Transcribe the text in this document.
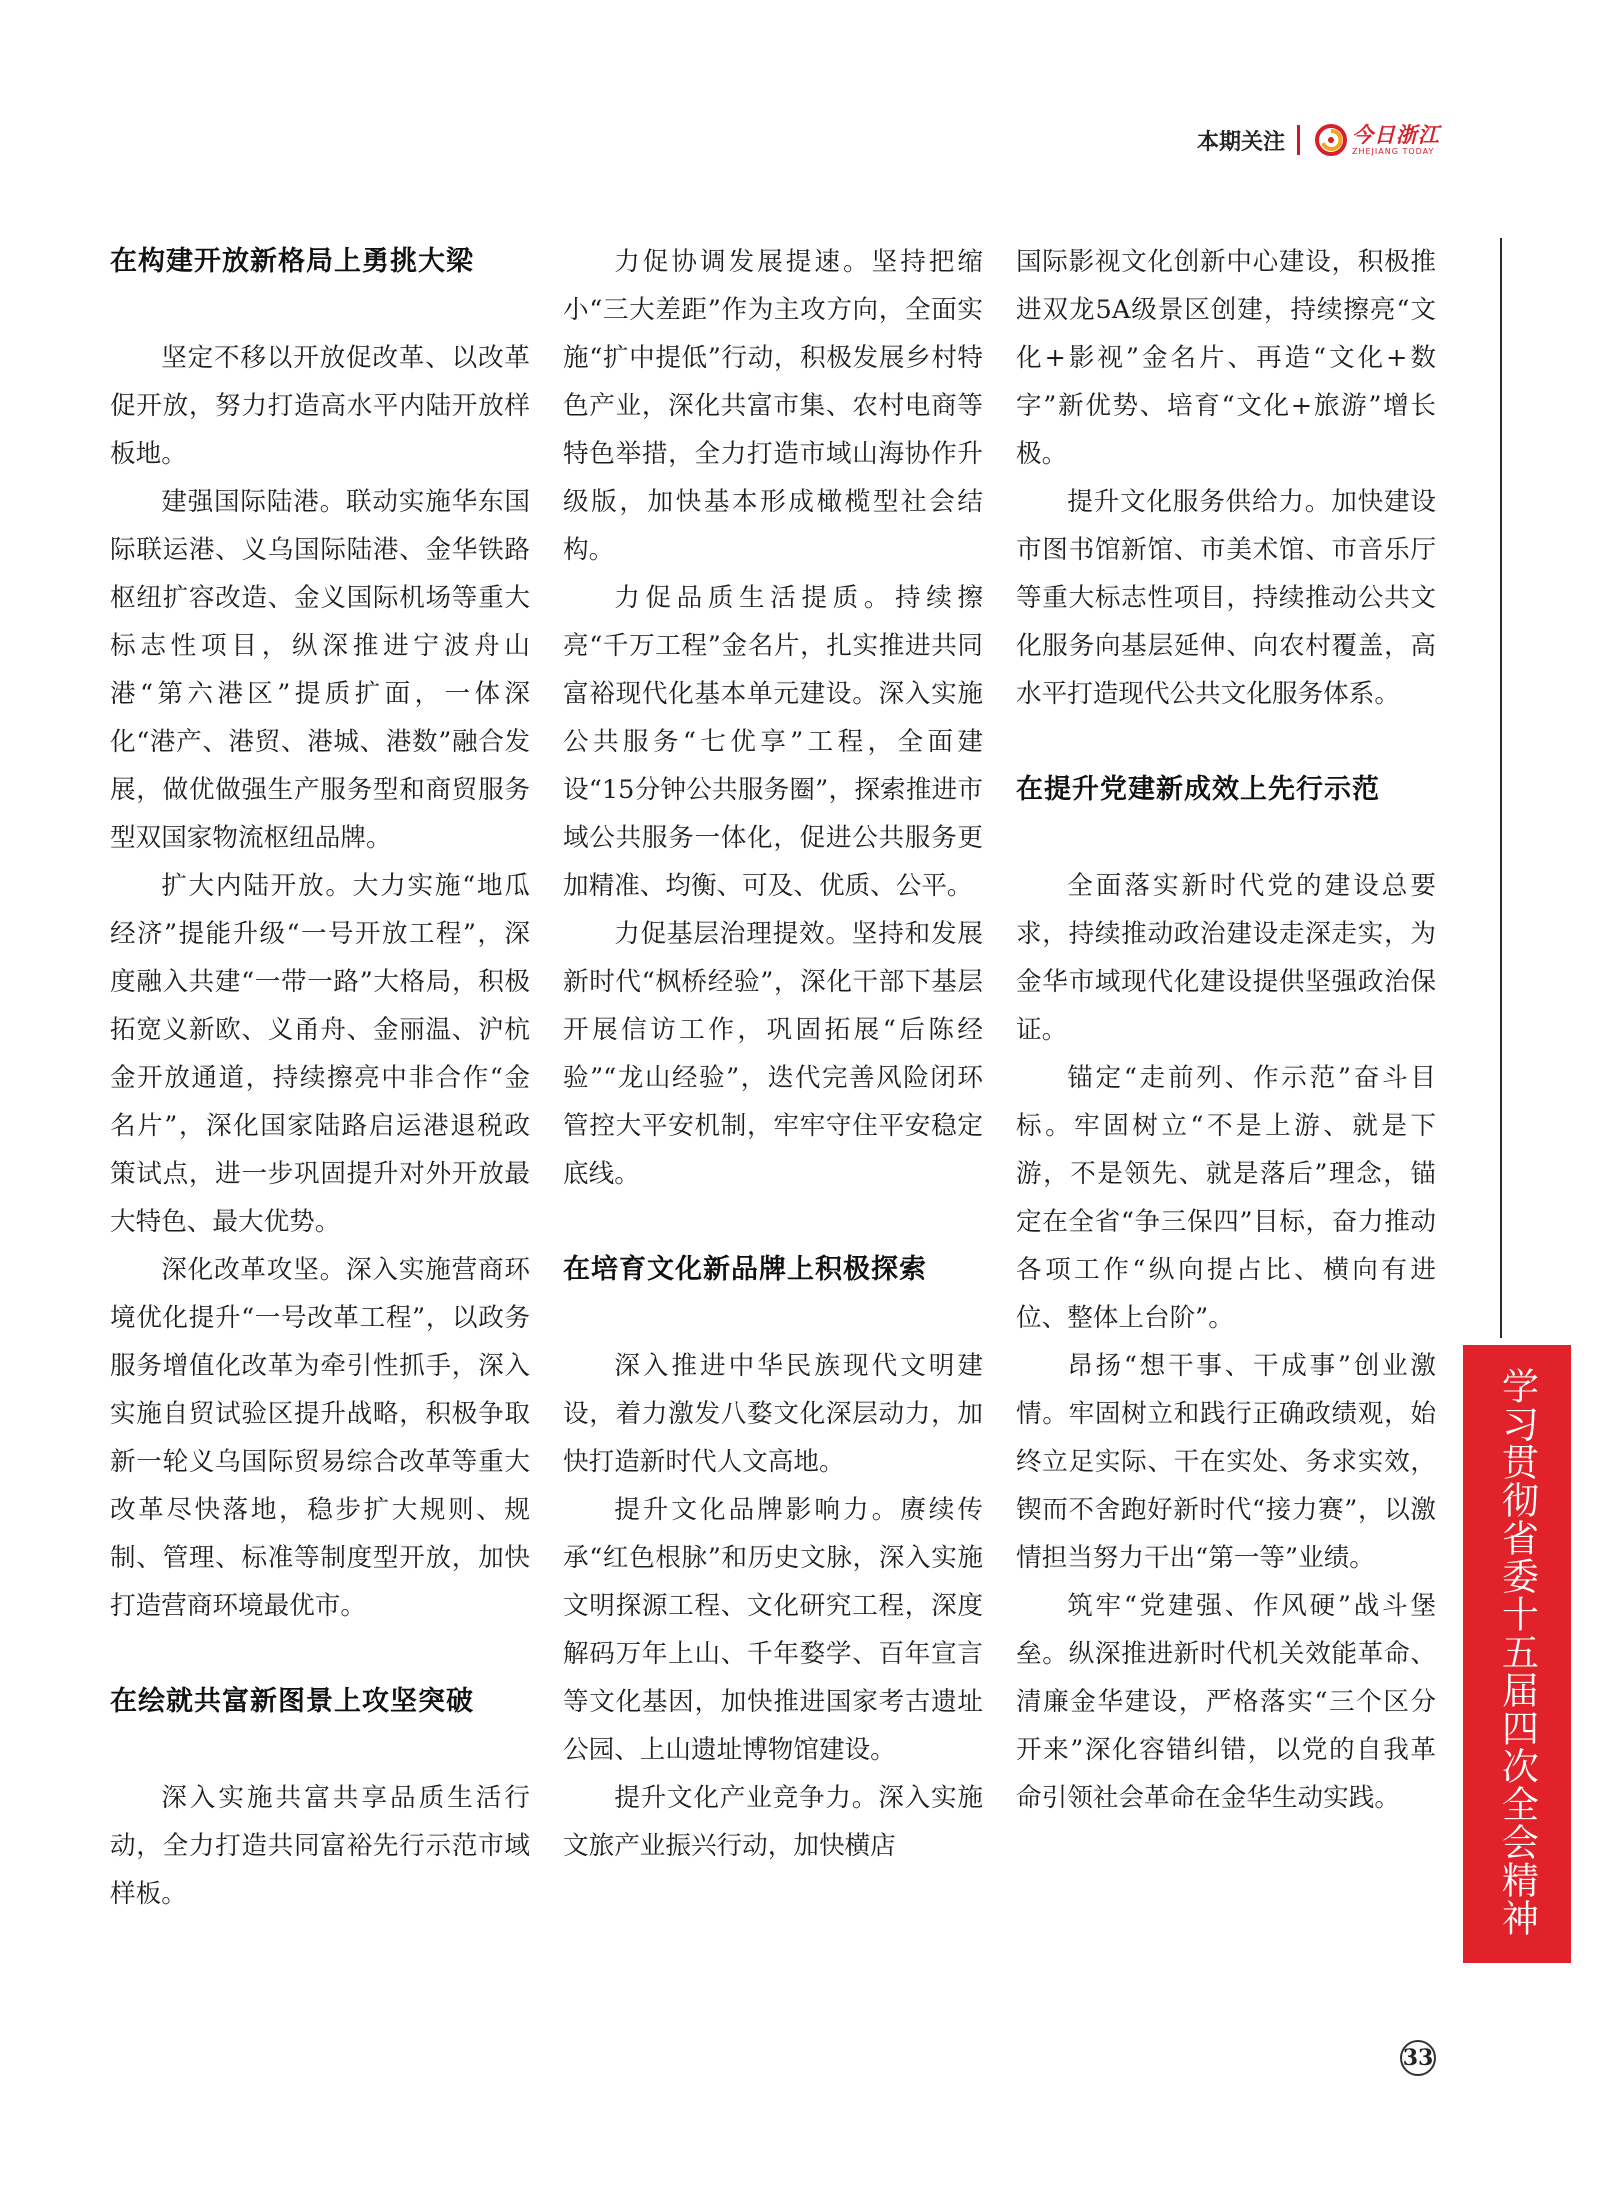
本期关注	今日浙江
ZHEJIANG TODAY
在构建开放新格局上勇挑大梁

坚定不移以开放促改革、以改革促开放，努力打造高水平内陆开放样板地。

建强国际陆港。联动实施华东国际联运港、义乌国际陆港、金华铁路枢纽扩容改造、金义国际机场等重大标志性项目，纵深推进宁波舟山港“第六港区”提质扩面，一体深化“港产、港贸、港城、港数”融合发展，做优做强生产服务型和商贸服务型双国家物流枢纽品牌。

扩大内陆开放。大力实施“地瓜经济”提能升级“一号开放工程”，深度融入共建“一带一路”大格局，积极拓宽义新欧、义甬舟、金丽温、沪杭金开放通道，持续擦亮中非合作“金名片”，深化国家陆路启运港退税政策试点，进一步巩固提升对外开放最大特色、最大优势。

深化改革攻坚。深入实施营商环境优化提升“一号改革工程”，以政务服务增值化改革为牵引性抓手，深入实施自贸试验区提升战略，积极争取新一轮义乌国际贸易综合改革等重大改革尽快落地，稳步扩大规则、规制、管理、标准等制度型开放，加快打造营商环境最优市。

在绘就共富新图景上攻坚突破

深入实施共富共享品质生活行动，全力打造共同富裕先行示范市域样板。

力促协调发展提速。坚持把缩小“三大差距”作为主攻方向，全面实施“扩中提低”行动，积极发展乡村特色产业，深化共富市集、农村电商等特色举措，全力打造市域山海协作升级版，加快基本形成橄榄型社会结构。

力促品质生活提质。持续擦亮“千万工程”金名片，扎实推进共同富裕现代化基本单元建设。深入实施公共服务“七优享”工程，全面建设“15分钟公共服务圈”，探索推进市域公共服务一体化，促进公共服务更加精准、均衡、可及、优质、公平。

力促基层治理提效。坚持和发展新时代“枫桥经验”，深化干部下基层开展信访工作，巩固拓展“后陈经验”“龙山经验”，迭代完善风险闭环管控大平安机制，牢牢守住平安稳定底线。

在培育文化新品牌上积极探索

深入推进中华民族现代文明建设，着力激发八婺文化深层动力，加快打造新时代人文高地。

提升文化品牌影响力。赓续传承“红色根脉”和历史文脉，深入实施文明探源工程、文化研究工程，深度解码万年上山、千年婺学、百年宣言等文化基因，加快推进国家考古遗址公园、上山遗址博物馆建设。

提升文化产业竞争力。深入实施文旅产业振兴行动，加快横店

国际影视文化创新中心建设，积极推进双龙5A级景区创建，持续擦亮“文化+影视”金名片、再造“文化+数字”新优势、培育“文化+旅游”增长极。

提升文化服务供给力。加快建设市图书馆新馆、市美术馆、市音乐厅等重大标志性项目，持续推动公共文化服务向基层延伸、向农村覆盖，高水平打造现代公共文化服务体系。

在提升党建新成效上先行示范

全面落实新时代党的建设总要求，持续推动政治建设走深走实，为金华市域现代化建设提供坚强政治保证。

锚定“走前列、作示范”奋斗目标。牢固树立“不是上游、就是下游，不是领先、就是落后”理念，锚定在全省“争三保四”目标，奋力推动各项工作“纵向提占比、横向有进位、整体上台阶”。

昂扬“想干事、干成事”创业激情。牢固树立和践行正确政绩观，始终立足实际、干在实处、务求实效，锲而不舍跑好新时代“接力赛”，以激情担当努力干出“第一等”业绩。

筑牢“党建强、作风硬”战斗堡垒。纵深推进新时代机关效能革命、清廉金华建设，严格落实“三个区分开来”深化容错纠错，以党的自我革命引领社会革命在金华生动实践。	学习贯彻省委十五届四次全会精神
33
